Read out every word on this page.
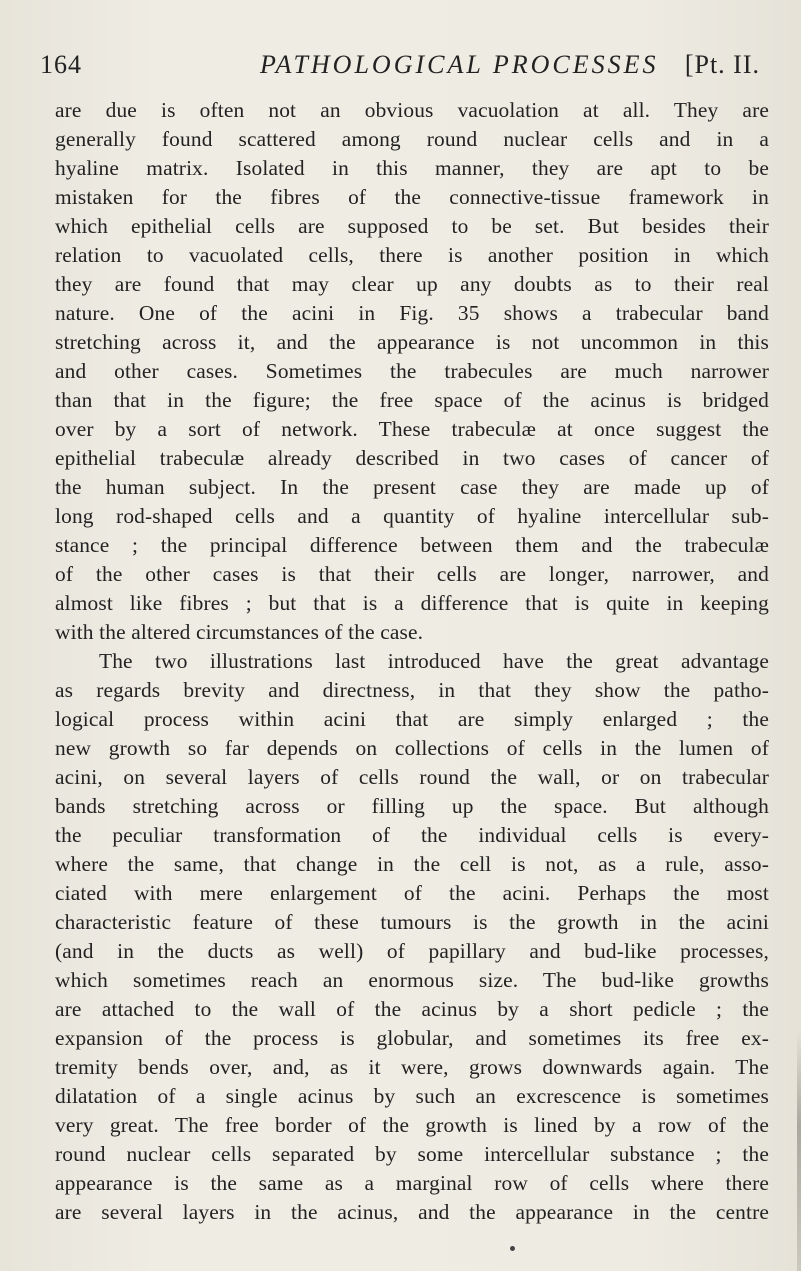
164	PATHOLOGICAL PROCESSES [Pt. II.
are due is often not an obvious vacuolation at all. They are
generally found scattered among round nuclear cells and in a
hyaline matrix. Isolated in this manner, they are apt to be
mistaken for the fibres of the connective-tissue framework in
which epithelial cells are supposed to be set. But besides their
relation to vacuolated cells, there is another position in which
they are found that may clear up any doubts as to their real
nature. One of the acini in Fig. 35 shows a trabecular band
stretching across it, and the appearance is not uncommon in this
and other cases. Sometimes the trabecules are much narrower
than that in the figure; the free space of the acinus is bridged
over by a sort of network. These trabeculæ at once suggest the
epithelial trabeculæ already described in two cases of cancer of
the human subject. In the present case they are made up of
long rod-shaped cells and a quantity of hyaline intercellular sub-
stance ; the principal difference between them and the trabeculæ
of the other cases is that their cells are longer, narrower, and
almost like fibres ; but that is a difference that is quite in keeping
with the altered circumstances of the case.
The two illustrations last introduced have the great advantage
as regards brevity and directness, in that they show the patho-
logical process within acini that are simply enlarged ; the
new growth so far depends on collections of cells in the lumen of
acini, on several layers of cells round the wall, or on trabecular
bands stretching across or filling up the space. But although
the peculiar transformation of the individual cells is every-
where the same, that change in the cell is not, as a rule, asso-
ciated with mere enlargement of the acini. Perhaps the most
characteristic feature of these tumours is the growth in the acini
(and in the ducts as well) of papillary and bud-like processes,
which sometimes reach an enormous size. The bud-like growths
are attached to the wall of the acinus by a short pedicle ; the
expansion of the process is globular, and sometimes its free ex-
tremity bends over, and, as it were, grows downwards again. The
dilatation of a single acinus by such an excrescence is sometimes
very great. The free border of the growth is lined by a row of the
round nuclear cells separated by some intercellular substance ; the
appearance is the same as a marginal row of cells where there
are several layers in the acinus, and the appearance in the centre
